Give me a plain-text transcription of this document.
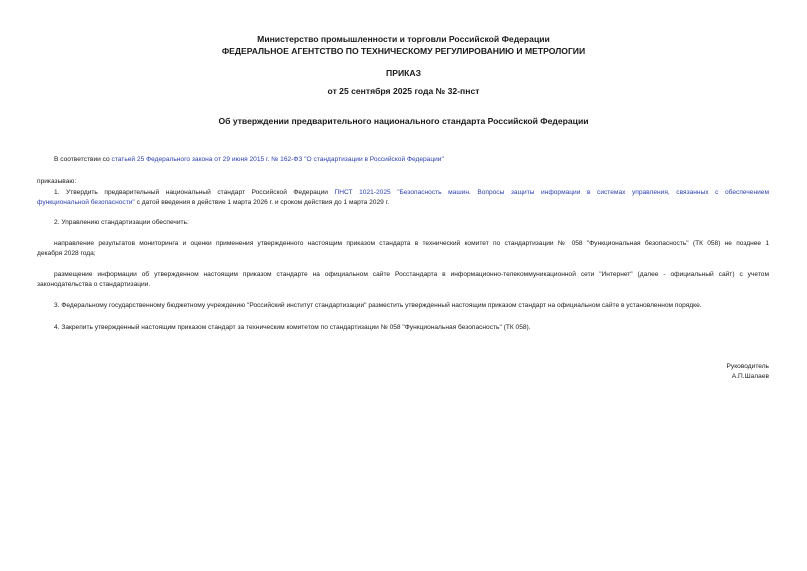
Министерство промышленности и торговли Российской Федерации
ФЕДЕРАЛЬНОЕ АГЕНТСТВО ПО ТЕХНИЧЕСКОМУ РЕГУЛИРОВАНИЮ И МЕТРОЛОГИИ
ПРИКАЗ
от 25 сентября 2025 года № 32-пнст
Об утверждении предварительного национального стандарта Российской Федерации
В соответствии со статьей 25 Федерального закона от 29 июня 2015 г. № 162-ФЗ "О стандартизации в Российской Федерации"
приказываю:
1. Утвердить предварительный национальный стандарт Российской Федерации ПНСТ 1021-2025 "Безопасность машин. Вопросы защиты информации в системах управления, связанных с обеспечением
функциональной безопасности" с датой введения в действие 1 марта 2026 г. и сроком действия до 1 марта 2029 г.
2. Управлению стандартизации обеспечить:
направление результатов мониторинга и оценки применения утвержденного настоящим приказом стандарта в технический комитет по стандартизации № 058 "Функциональная безопасность" (ТК 058) не позднее 1
декабря 2028 года;
размещение информации об утвержденном настоящим приказом стандарте на официальном сайте Росстандарта в информационно-телекоммуникационной сети "Интернет" (далее - официальный сайт) с учетом
законодательства о стандартизации.
3. Федеральному государственному бюджетному учреждению "Российский институт стандартизации" разместить утвержденный настоящим приказом стандарт на официальном сайте в установленном порядке.
4. Закрепить утвержденный настоящим приказом стандарт за техническим комитетом по стандартизации № 058 "Функциональная безопасность" (ТК 058).
Руководитель
А.П.Шалаев
